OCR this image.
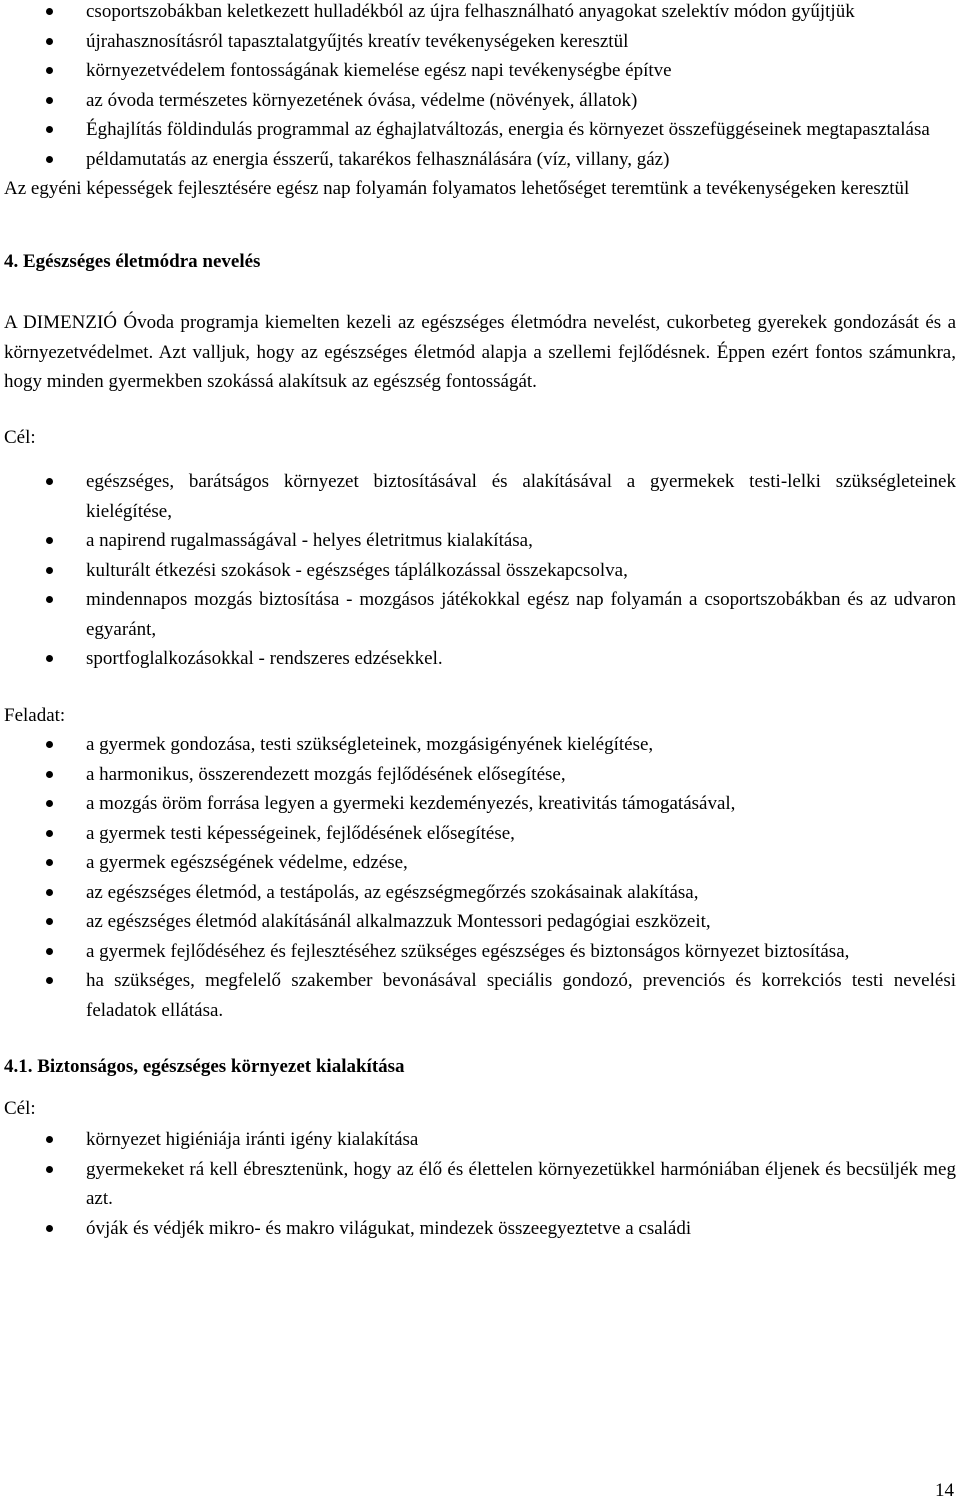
csoportszobákban keletkezett hulladékból az újra felhasználható anyagokat szelektív módon gyűjtjük
újrahasznosításról tapasztalatgyűjtés kreatív tevékenységeken keresztül
környezetvédelem fontosságának kiemelése egész napi tevékenységbe építve
az óvoda természetes környezetének óvása, védelme (növények, állatok)
Éghajlítás földindulás programmal az éghajlatváltozás, energia és környezet összefüggéseinek megtapasztalása
példamutatás az energia ésszerű, takarékos felhasználására (víz, villany, gáz)

Az egyéni képességek fejlesztésére egész nap folyamán folyamatos lehetőséget teremtünk a tevékenységeken keresztül

4. Egészséges életmódra nevelés

A DIMENZIÓ Óvoda programja kiemelten kezeli az egészséges életmódra nevelést, cukorbeteg gyerekek gondozását és a környezetvédelmet. Azt valljuk, hogy az egészséges életmód alapja a szellemi fejlődésnek. Éppen ezért fontos számunkra, hogy minden gyermekben szokássá alakítsuk az egészség fontosságát.

Cél:

egészséges, barátságos környezet biztosításával és alakításával a gyermekek testi-lelki szükségleteinek kielégítése,
a napirend rugalmasságával - helyes életritmus kialakítása,
kulturált étkezési szokások - egészséges táplálkozással összekapcsolva,
mindennapos mozgás biztosítása - mozgásos játékokkal egész nap folyamán a csoportszobákban és az udvaron egyaránt,
sportfoglalkozásokkal - rendszeres edzésekkel.

Feladat:

a gyermek gondozása, testi szükségleteinek, mozgásigényének kielégítése,
a harmonikus, összerendezett mozgás fejlődésének elősegítése,
a mozgás öröm forrása legyen a gyermeki kezdeményezés, kreativitás támogatásával,
a gyermek testi képességeinek, fejlődésének elősegítése,
a gyermek egészségének védelme, edzése,
az egészséges életmód, a testápolás, az egészségmegőrzés szokásainak alakítása,
az egészséges életmód alakításánál alkalmazzuk Montessori pedagógiai eszközeit,
a gyermek fejlődéséhez és fejlesztéséhez szükséges egészséges és biztonságos környezet biztosítása,
ha szükséges, megfelelő szakember bevonásával speciális gondozó, prevenciós és korrekciós testi nevelési feladatok ellátása.

4.1. Biztonságos, egészséges környezet kialakítása

Cél:

környezet higiéniája iránti igény kialakítása
gyermekeket rá kell ébresztenünk, hogy az élő és élettelen környezetükkel harmóniában éljenek és becsüljék meg azt.
óvják és védjék mikro- és makro világukat, mindezek összeegyeztetve a családi
14
